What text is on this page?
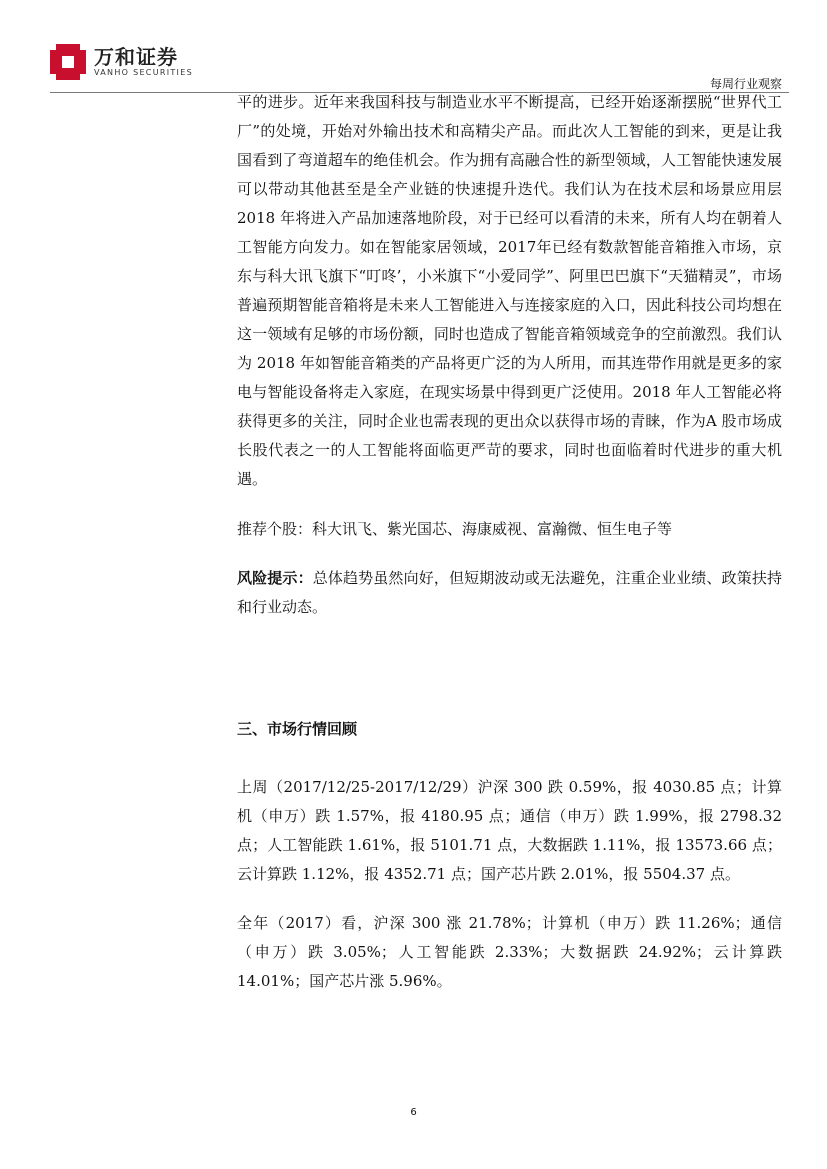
万和证券
VANHO SECURITIES
每周行业观察

平的进步。近年来我国科技与制造业水平不断提高，已经开始逐渐摆脱“世界代工厂”的处境，开始对外输出技术和高精尖产品。而此次人工智能的到来，更是让我国看到了弯道超车的绝佳机会。作为拥有高融合性的新型领域，人工智能快速发展可以带动其他甚至是全产业链的快速提升迭代。我们认为在技术层和场景应用层 2018 年将进入产品加速落地阶段，对于已经可以看清的未来，所有人均在朝着人工智能方向发力。如在智能家居领域，2017年已经有数款智能音箱推入市场，京东与科大讯飞旗下“叮咚’，小米旗下“小爱同学”、阿里巴巴旗下“天猫精灵”，市场普遍预期智能音箱将是未来人工智能进入与连接家庭的入口，因此科技公司均想在这一领域有足够的市场份额，同时也造成了智能音箱领域竞争的空前激烈。我们认为 2018 年如智能音箱类的产品将更广泛的为人所用，而其连带作用就是更多的家电与智能设备将走入家庭，在现实场景中得到更广泛使用。2018 年人工智能必将获得更多的关注，同时企业也需表现的更出众以获得市场的青睐，作为A 股市场成长股代表之一的人工智能将面临更严苛的要求，同时也面临着时代进步的重大机遇。

推荐个股：科大讯飞、紫光国芯、海康威视、富瀚微、恒生电子等

风险提示：总体趋势虽然向好，但短期波动或无法避免，注重企业业绩、政策扶持和行业动态。

三、市场行情回顾

上周（2017/12/25-2017/12/29）沪深 300 跌 0.59%，报 4030.85 点；计算机（申万）跌 1.57%，报 4180.95 点；通信（申万）跌 1.99%，报 2798.32 点；人工智能跌 1.61%，报 5101.71 点，大数据跌 1.11%，报 13573.66 点；云计算跌 1.12%，报 4352.71 点；国产芯片跌 2.01%，报 5504.37 点。

全年（2017）看，沪深 300 涨 21.78%；计算机（申万）跌 11.26%；通信（申万）跌 3.05%；人工智能跌 2.33%；大数据跌 24.92%；云计算跌 14.01%；国产芯片涨 5.96%。

6
